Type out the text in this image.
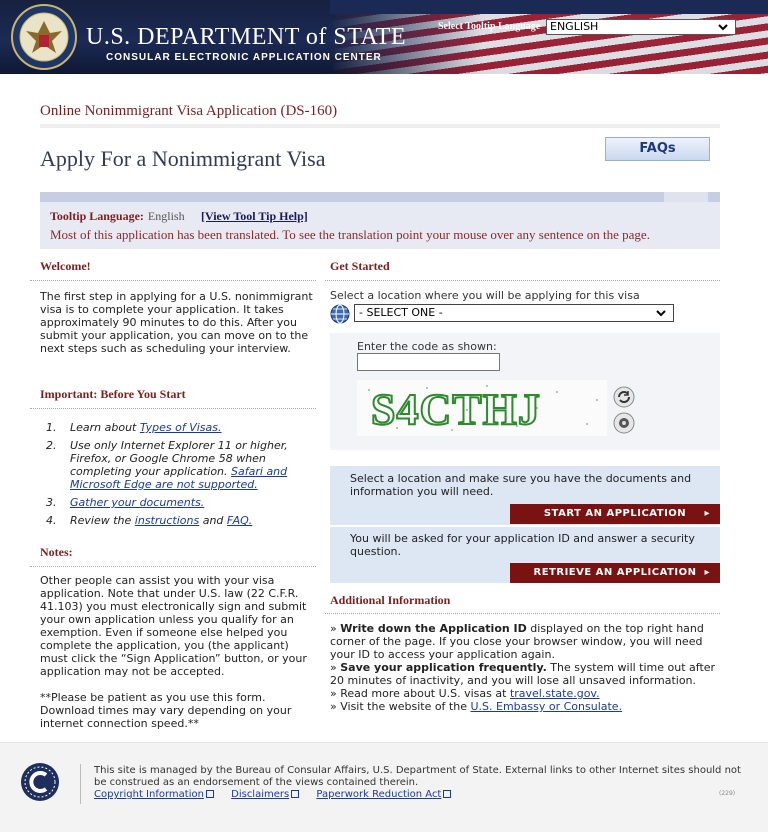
U.S. DEPARTMENT of STATE
CONSULAR ELECTRONIC APPLICATION CENTER
Select Tooltip Language ENGLISH
Online Nonimmigrant Visa Application (DS-160)
Apply For a Nonimmigrant Visa	FAQs
Tooltip Language: English [View Tool Tip Help]
Most of this application has been translated. To see the translation point your mouse over any sentence on the page.
Welcome!
The first step in applying for a U.S. nonimmigrant visa is to complete your application. It takes approximately 90 minutes to do this. After you submit your application, you can move on to the next steps such as scheduling your interview.
Important: Before You Start
1. Learn about Types of Visas.
2. Use only Internet Explorer 11 or higher, Firefox, or Google Chrome 58 when completing your application. Safari and Microsoft Edge are not supported.
3. Gather your documents.
4. Review the instructions and FAQ.
Notes:
Other people can assist you with your visa application. Note that under U.S. law (22 C.F.R. 41.103) you must electronically sign and submit your own application unless you qualify for an exemption. Even if someone else helped you complete the application, you (the applicant) must click the “Sign Application” button, or your application may not be accepted.
**Please be patient as you use this form. Download times may vary depending on your internet connection speed.**
Get Started
Select a location where you will be applying for this visa
- SELECT ONE -
Enter the code as shown:
S4CTHJ
Select a location and make sure you have the documents and information you will need.
START AN APPLICATION ▸
You will be asked for your application ID and answer a security question.
RETRIEVE AN APPLICATION ▸
Additional Information

» Write down the Application ID displayed on the top right hand corner of the page. If you close your browser window, you will need your ID to access your application again.

» Save your application frequently. The system will time out after 20 minutes of inactivity, and you will lose all unsaved information.

» Read more about U.S. visas at travel.state.gov.

» Visit the website of the U.S. Embassy or Consulate.

This site is managed by the Bureau of Consular Affairs, U.S. Department of State. External links to other Internet sites should not be construed as an endorsement of the views contained therein.
Copyright Information	Disclaimers	Paperwork Reduction Act	(229)
